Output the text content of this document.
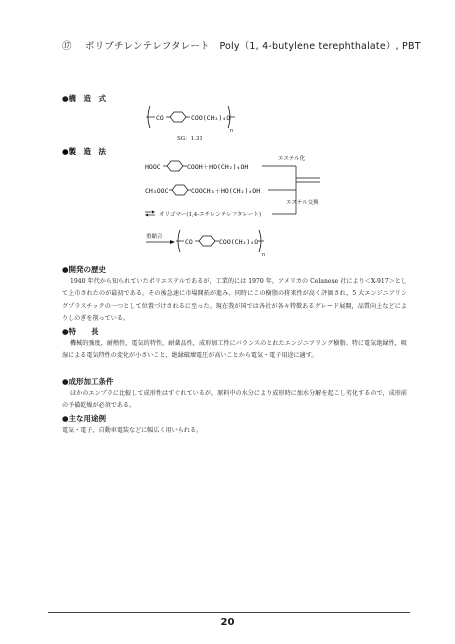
⑰ ポリブチレンテレフタレート　Poly（1, 4-butylene terephthalate）, PBT
●構　造　式
CO	COO(CH₂)₄O
n
SG：1.31
●製　造　法
HOOC	COOH＋HO(CH₂)₄OH
エステル化
CH₃OOC	COOCH₃＋HO(CH₂)₄OH
エステル交換
オリゴマー(1,4-エチレンテレフタレート)
重縮合
CO	COO(CH₂)₄O
n
●開発の歴史

1940 年代から知られていたポリエステルであるが，工業的には 1970 年，アメリカの Celanese 社により＜X-917＞として上市されたのが最初である。その後急速に市場開拓が進み，同時にこの樹脂の将来性が高く評価され，5 大エンジニアリングプラスチックの一つとして位置づけされるに至った。現在我が国では各社が各々特徴あるグレード展開，品質向上などによりしのぎを削っている。

●特　　長

機械的強度，耐熱性，電気的特性，耐薬品性，成形加工性にバランスのとれたエンジニアリング樹脂。特に電気絶縁性，吸湿による電気特性の変化が小さいこと，絶縁破壊電圧が高いことから電気・電子用途に適す。

●成形加工条件

ほかのエンプラに比較して成形性はすぐれているが，原料中の水分により成形時に加水分解を起こし劣化するので，成形前の予備乾燥が必須である。

●主な用途例

電気・電子，自動車電装などに幅広く用いられる。

20
